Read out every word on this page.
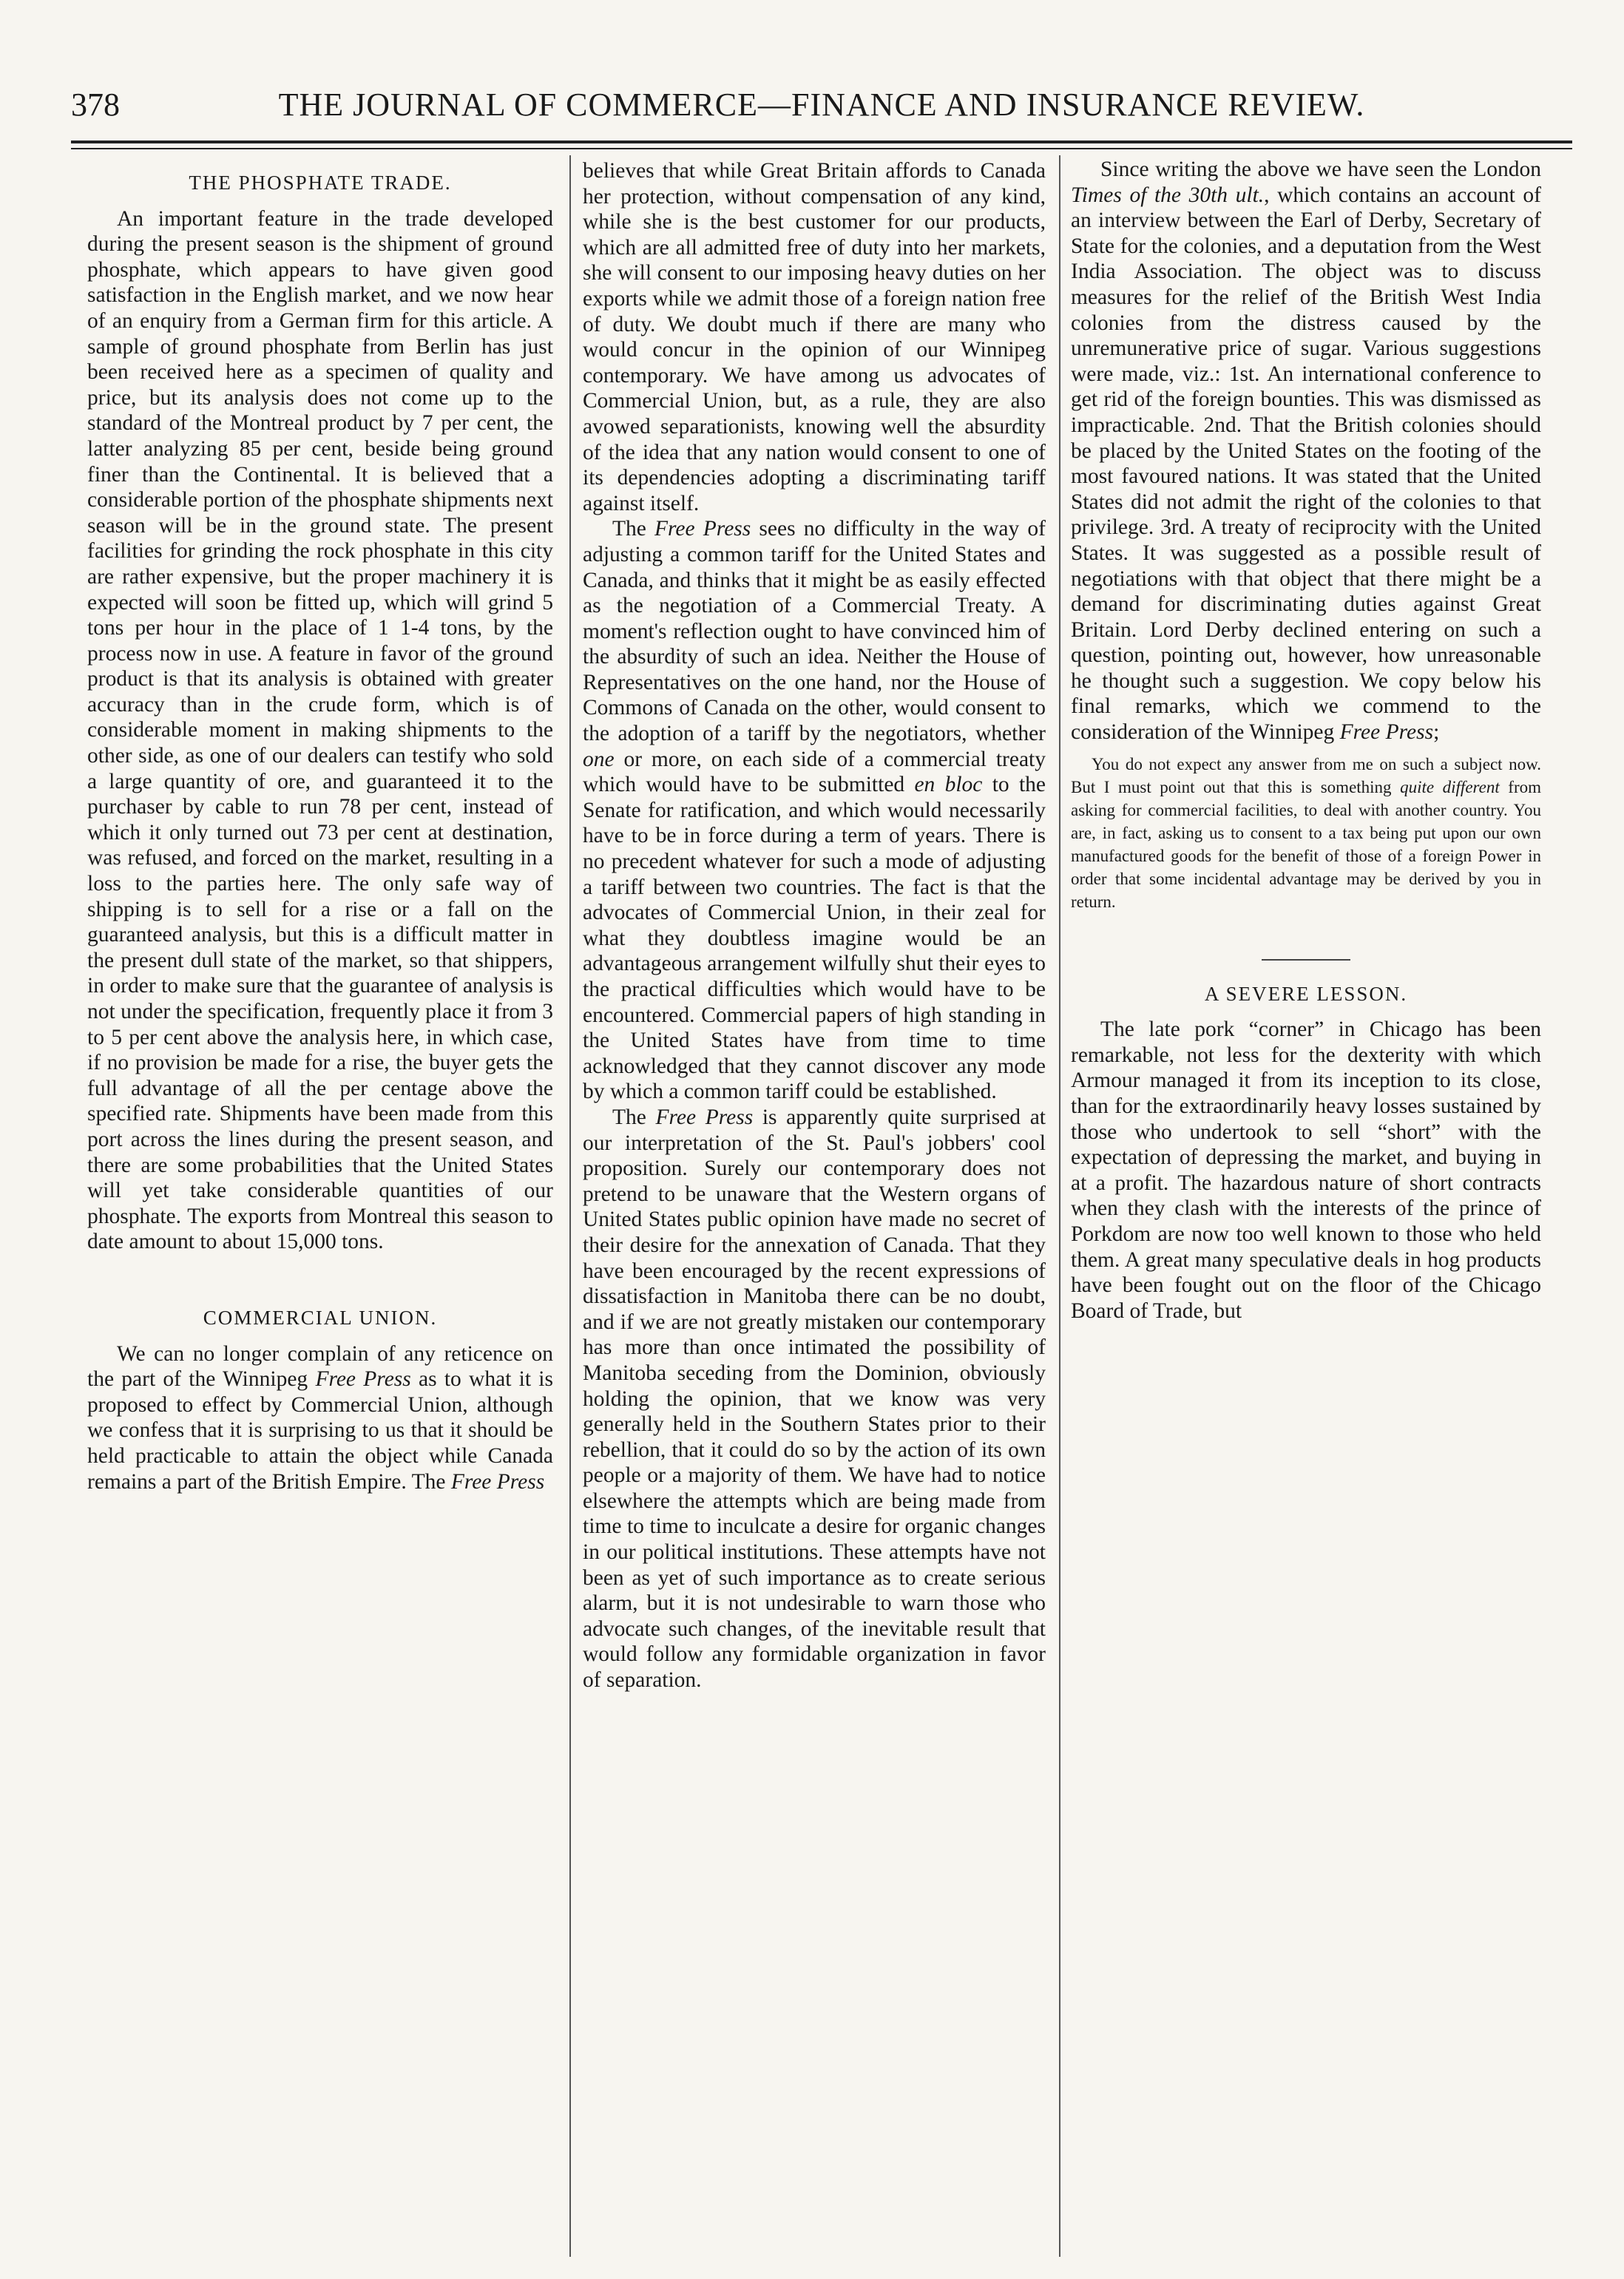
378	THE JOURNAL OF COMMERCE—FINANCE AND INSURANCE REVIEW.
THE PHOSPHATE TRADE.

An important feature in the trade developed during the present season is the shipment of ground phosphate, which appears to have given good satisfaction in the English market, and we now hear of an enquiry from a German firm for this article. A sample of ground phosphate from Berlin has just been received here as a specimen of quality and price, but its analysis does not come up to the standard of the Montreal product by 7 per cent, the latter analyzing 85 per cent, beside being ground finer than the Continental. It is believed that a considerable portion of the phosphate shipments next season will be in the ground state. The present facilities for grinding the rock phosphate in this city are rather expensive, but the proper machinery it is expected will soon be fitted up, which will grind 5 tons per hour in the place of 1 1-4 tons, by the process now in use. A feature in favor of the ground product is that its analysis is obtained with greater accuracy than in the crude form, which is of considerable moment in making shipments to the other side, as one of our dealers can testify who sold a large quantity of ore, and guaranteed it to the purchaser by cable to run 78 per cent, instead of which it only turned out 73 per cent at destination, was refused, and forced on the market, resulting in a loss to the parties here. The only safe way of shipping is to sell for a rise or a fall on the guaranteed analysis, but this is a difficult matter in the present dull state of the market, so that shippers, in order to make sure that the guarantee of analysis is not under the specification, frequently place it from 3 to 5 per cent above the analysis here, in which case, if no provision be made for a rise, the buyer gets the full advantage of all the per centage above the specified rate. Shipments have been made from this port across the lines during the present season, and there are some probabilities that the United States will yet take considerable quantities of our phosphate. The exports from Montreal this season to date amount to about 15,000 tons.

COMMERCIAL UNION.

We can no longer complain of any reticence on the part of the Winnipeg Free Press as to what it is proposed to effect by Commercial Union, although we confess that it is surprising to us that it should be held practicable to attain the object while Canada remains a part of the British Empire. The Free Press

believes that while Great Britain affords to Canada her protection, without compensation of any kind, while she is the best customer for our products, which are all admitted free of duty into her markets, she will consent to our imposing heavy duties on her exports while we admit those of a foreign nation free of duty. We doubt much if there are many who would concur in the opinion of our Winnipeg contemporary. We have among us advocates of Commercial Union, but, as a rule, they are also avowed separationists, knowing well the absurdity of the idea that any nation would consent to one of its dependencies adopting a discriminating tariff against itself.

The Free Press sees no difficulty in the way of adjusting a common tariff for the United States and Canada, and thinks that it might be as easily effected as the negotiation of a Commercial Treaty. A moment's reflection ought to have convinced him of the absurdity of such an idea. Neither the House of Representatives on the one hand, nor the House of Commons of Canada on the other, would consent to the adoption of a tariff by the negotiators, whether one or more, on each side of a commercial treaty which would have to be submitted en bloc to the Senate for ratification, and which would necessarily have to be in force during a term of years. There is no precedent whatever for such a mode of adjusting a tariff between two countries. The fact is that the advocates of Commercial Union, in their zeal for what they doubtless imagine would be an advantageous arrangement wilfully shut their eyes to the practical difficulties which would have to be encountered. Commercial papers of high standing in the United States have from time to time acknowledged that they cannot discover any mode by which a common tariff could be established.

The Free Press is apparently quite surprised at our interpretation of the St. Paul's jobbers' cool proposition. Surely our contemporary does not pretend to be unaware that the Western organs of United States public opinion have made no secret of their desire for the annexation of Canada. That they have been encouraged by the recent expressions of dissatisfaction in Manitoba there can be no doubt, and if we are not greatly mistaken our contemporary has more than once intimated the possibility of Manitoba seceding from the Dominion, obviously holding the opinion, that we know was very generally held in the Southern States prior to their rebellion, that it could do so by the action of its own people or a majority of them. We have had to notice elsewhere the attempts which are being made from time to time to inculcate a desire for organic changes in our political institutions. These attempts have not been as yet of such importance as to create serious alarm, but it is not undesirable to warn those who advocate such changes, of the inevitable result that would follow any formidable organization in favor of separation.

Since writing the above we have seen the London Times of the 30th ult., which contains an account of an interview between the Earl of Derby, Secretary of State for the colonies, and a deputation from the West India Association. The object was to discuss measures for the relief of the British West India colonies from the distress caused by the unremunerative price of sugar. Various suggestions were made, viz.: 1st. An international conference to get rid of the foreign bounties. This was dismissed as impracticable. 2nd. That the British colonies should be placed by the United States on the footing of the most favoured nations. It was stated that the United States did not admit the right of the colonies to that privilege. 3rd. A treaty of reciprocity with the United States. It was suggested as a possible result of negotiations with that object that there might be a demand for discriminating duties against Great Britain. Lord Derby declined entering on such a question, pointing out, however, how unreasonable he thought such a suggestion. We copy below his final remarks, which we commend to the consideration of the Winnipeg Free Press;

You do not expect any answer from me on such a subject now. But I must point out that this is something quite different from asking for commercial facilities, to deal with another country. You are, in fact, asking us to consent to a tax being put upon our own manufactured goods for the benefit of those of a foreign Power in order that some incidental advantage may be derived by you in return.

A SEVERE LESSON.

The late pork “corner” in Chicago has been remarkable, not less for the dexterity with which Armour managed it from its inception to its close, than for the extraordinarily heavy losses sustained by those who undertook to sell “short” with the expectation of depressing the market, and buying in at a profit. The hazardous nature of short contracts when they clash with the interests of the prince of Porkdom are now too well known to those who held them. A great many speculative deals in hog products have been fought out on the floor of the Chicago Board of Trade, but
